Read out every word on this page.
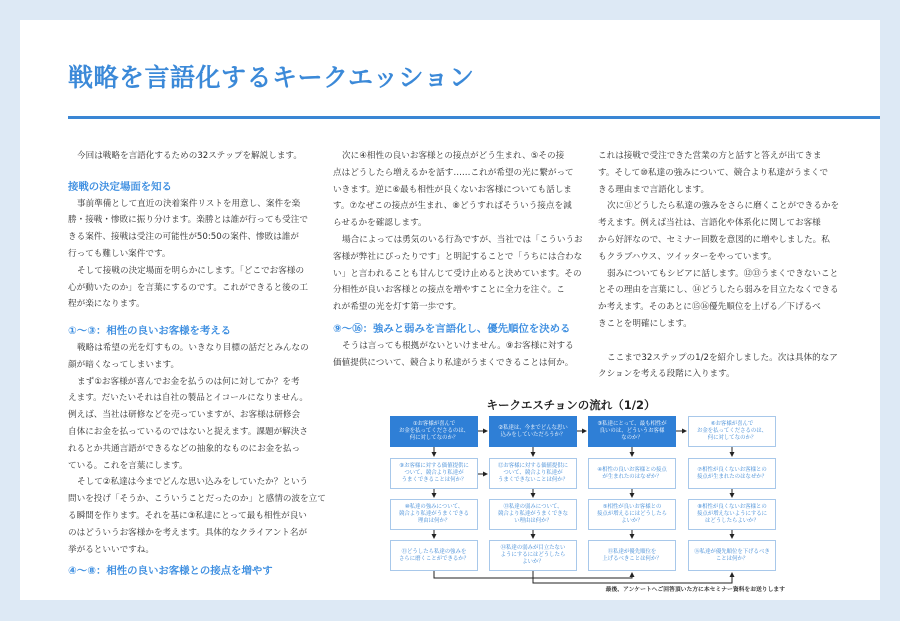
戦略を言語化するキークエッション

今回は戦略を言語化するための32ステップを解説します。

接戦の決定場面を知る

事前準備として直近の決着案件リストを用意し、案件を楽
勝・接戦・惨敗に振り分けます。楽勝とは誰が行っても受注で
きる案件、接戦は受注の可能性が50:50の案件、惨敗は誰が
行っても難しい案件です。

そして接戦の決定場面を明らかにします。「どこでお客様の
心が動いたのか」を言葉にするのです。これができると後の工
程が楽になります。

①〜③：相性の良いお客様を考える

戦略は希望の光を灯すもの。いきなり目標の話だとみんなの
顔が暗くなってしまいます。

まず①お客様が喜んでお金を払うのは何に対してか？を考
えます。だいたいそれは自社の製品とイコールになりません。
例えば、当社は研修などを売っていますが、お客様は研修会
自体にお金を払っているのではないと捉えます。課題が解決さ
れるとか共通言語ができるなどの抽象的なものにお金を払っ
ている。これを言葉にします。

そして②私達は今までどんな思い込みをしていたか？という
問いを投げ「そうか、こういうことだったのか」と感情の波を立て
る瞬間を作ります。それを基に③私達にとって最も相性が良い
のはどういうお客様かを考えます。具体的なクライアント名が
挙がるといいですね。

④〜⑧：相性の良いお客様との接点を増やす

次に④相性の良いお客様との接点がどう生まれ、⑤その接
点はどうしたら増えるかを話す……これが希望の光に繋がって
いきます。逆に⑥最も相性が良くないお客様についても話しま
す。⑦なぜこの接点が生まれ、⑧どうすればそういう接点を減
らせるかを確認します。

場合によっては勇気のいる行為ですが、当社では「こういうお
客様が弊社にぴったりです」と明記することで「うちには合わな
い」と言われることも甘んじて受け止めると決めています。その
分相性が良いお客様との接点を増やすことに全力を注ぐ。こ
れが希望の光を灯す第一歩です。

⑨〜⑯：強みと弱みを言語化し、優先順位を決める

そうは言っても根拠がないといけません。⑨お客様に対する
価値提供について、競合より私達がうまくできることは何か。

これは接戦で受注できた営業の方と話すと答えが出てきま
す。そして⑩私達の強みについて、競合より私達がうまくで
きる理由まで言語化します。

次に⑪どうしたら私達の強みをさらに磨くことができるかを
考えます。例えば当社は、言語化や体系化に関してお客様
から好評なので、セミナー回数を意図的に増やしました。私
もクラブハウス、ツイッターをやっています。

弱みについてもシビアに話します。⑫⑬うまくできないこと
とその理由を言葉にし、⑭どうしたら弱みを目立たなくできる
か考えます。そのあとに⑮⑯優先順位を上げる／下げるべ
きことを明確にします。

ここまで32ステップの1/2を紹介しました。次は具体的なア
クションを考える段階に入ります。

キークエスチョンの流れ（1/2）

①お客様が喜んで
お金を払ってくださるのは、
何に対してなのか？
②私達は、今までどんな思い
込みをしていただろうか？
③私達にとって、最も相性が
良いのは、どういうお客様
なのか？
⑥お客様が喜んで
お金を払ってくださるのは、
何に対してなのか？
⑨お客様に対する価値提供に
ついて、競合より私達が
うまくできることは何か？
⑫お客様に対する価値提供に
ついて、競合より私達が
うまくできないことは何か？
④相性の良いお客様との接点
が生まれたのはなぜか？
⑦相性が良くないお客様との
接点が生まれたのはなぜか？
⑩私達の強みについて、
競合より私達がうまくできる
理由は何か？
⑬私達の弱みについて、
競合より私達がうまくできな
い理由は何か？
⑤相性が良いお客様との
接点が増えるにはどうしたら
よいか？
⑧相性が良くないお客様との
接点が増えないようにするに
はどうしたらよいか？
⑪どうしたら私達の強みを
さらに磨くことができるか？
⑭私達の弱みが目立たない
ようにするにはどうしたら
よいか？
⑮私達が優先順位を
上げるべきことは何か？
⑯私達が優先順位を下げるべき
ことは何か？

最後、アンケートへご回答頂いた方に本セミナー資料をお送りします
